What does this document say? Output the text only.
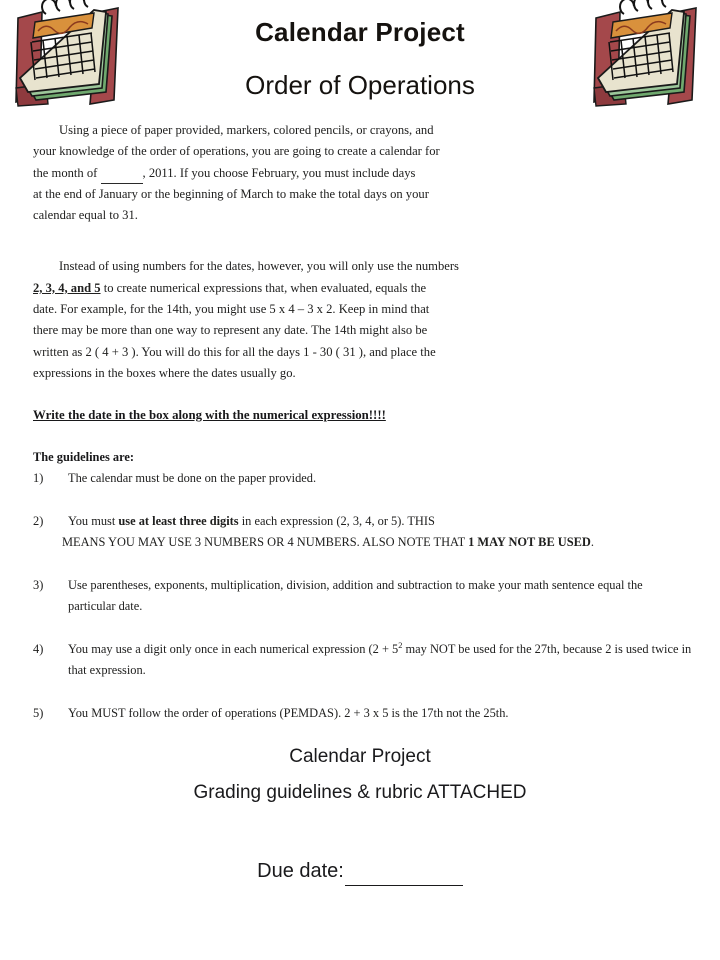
Calendar Project
Order of Operations
Using a piece of paper provided, markers, colored pencils, or crayons, and
your knowledge of the order of operations, you are going to create a calendar for
the month of	, 2011. If you choose February, you must include days
at the end of January or the beginning of March to make the total days on your
calendar equal to 31.
Instead of using numbers for the dates, however, you will only use the numbers
2, 3, 4, and 5 to create numerical expressions that, when evaluated, equals the
date. For example, for the 14th, you might use 5 x 4 – 3 x 2. Keep in mind that
there may be more than one way to represent any date. The 14th might also be
written as 2 ( 4 + 3 ). You will do this for all the days 1 - 30 ( 31 ), and place the
expressions in the boxes where the dates usually go.
Write the date in the box along with the numerical expression!!!!
The guidelines are:
1)	The calendar must be done on the paper provided.
2)	You must use at least three digits in each expression (2, 3, 4, or 5). THIS
MEANS YOU MAY USE 3 NUMBERS OR 4 NUMBERS. ALSO NOTE THAT 1 MAY NOT BE USED.
3)	Use parentheses, exponents, multiplication, division, addition and subtraction to make your math sentence equal the
particular date.
4)	You may use a digit only once in each numerical expression ($2 + 5^2$ may NOT be used for the 27th, because 2 is used twice in
that expression.
5)	You MUST follow the order of operations (PEMDAS). 2 + 3 x 5 is the 17th not the 25th.
Calendar Project
Grading guidelines & rubric ATTACHED
Due date:
